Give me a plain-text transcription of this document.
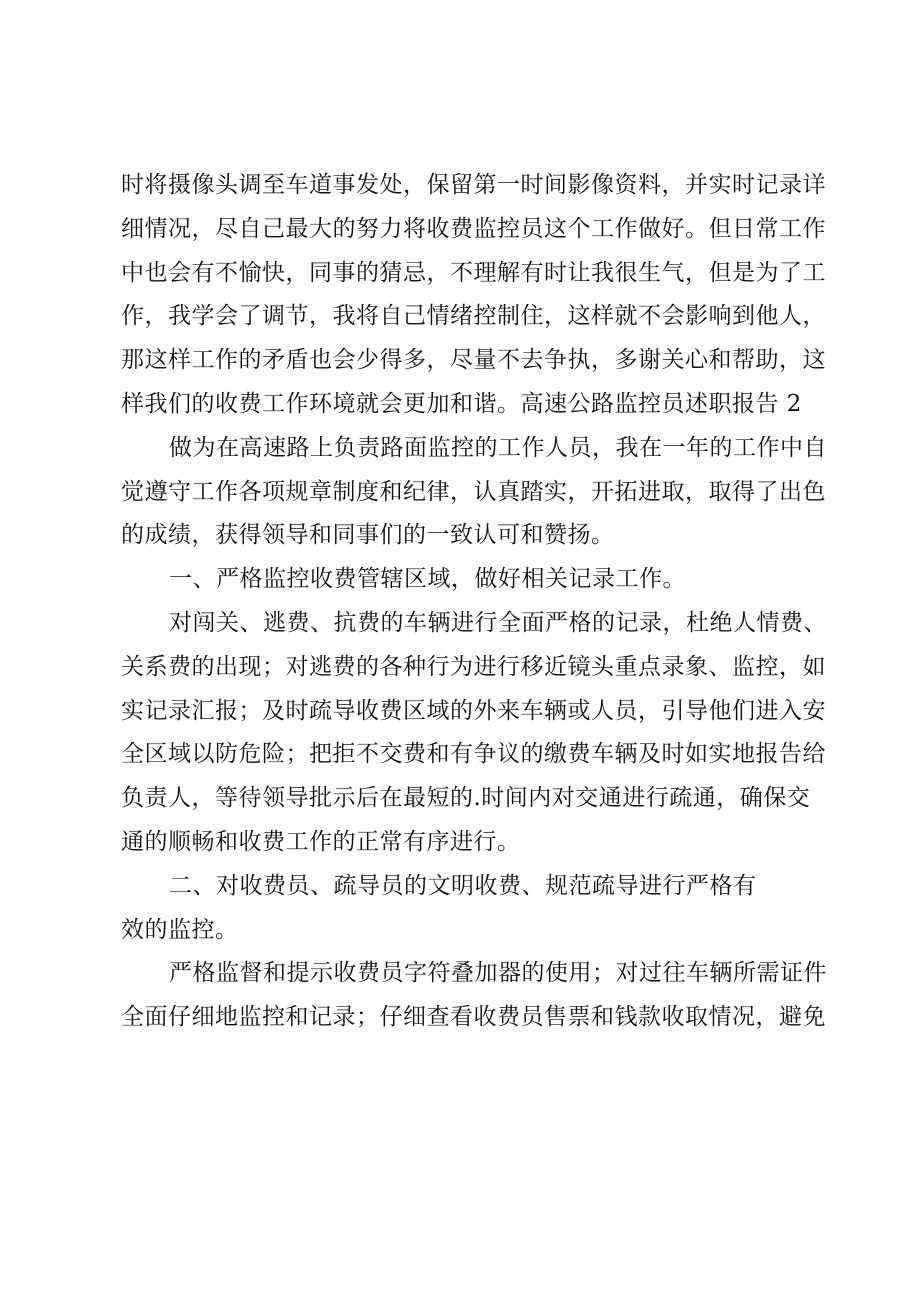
时将摄像头调至车道事发处，保留第一时间影像资料，并实时记录详
细情况，尽自己最大的努力将收费监控员这个工作做好。但日常工作
中也会有不愉快，同事的猜忌，不理解有时让我很生气，但是为了工
作，我学会了调节，我将自己情绪控制住，这样就不会影响到他人，
那这样工作的矛盾也会少得多，尽量不去争执，多谢关心和帮助，这
样我们的收费工作环境就会更加和谐。高速公路监控员述职报告 2
做为在高速路上负责路面监控的工作人员，我在一年的工作中自
觉遵守工作各项规章制度和纪律，认真踏实，开拓进取，取得了出色
的成绩，获得领导和同事们的一致认可和赞扬。
一、严格监控收费管辖区域，做好相关记录工作。
对闯关、逃费、抗费的车辆进行全面严格的记录，杜绝人情费、
关系费的出现；对逃费的各种行为进行移近镜头重点录象、监控，如
实记录汇报；及时疏导收费区域的外来车辆或人员，引导他们进入安
全区域以防危险；把拒不交费和有争议的缴费车辆及时如实地报告给
负责人，等待领导批示后在最短的.时间内对交通进行疏通，确保交
通的顺畅和收费工作的正常有序进行。
二、对收费员、疏导员的文明收费、规范疏导进行严格有
效的监控。
严格监督和提示收费员字符叠加器的使用；对过往车辆所需证件
全面仔细地监控和记录；仔细查看收费员售票和钱款收取情况，避免
